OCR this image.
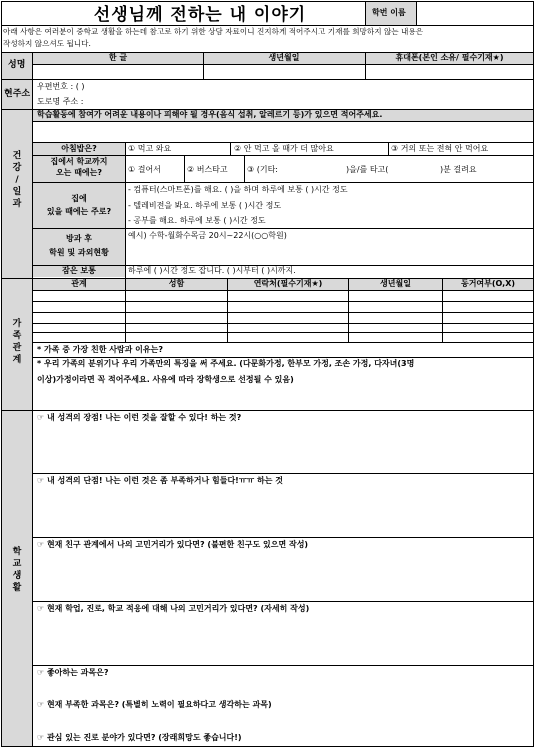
선생님께 전하는 내 이야기	학번 이름
아래 사항은 여러분이 중학교 생활을 하는데 참고로 하기 위한 상담 자료이니 진지하게 적어주시고 기재를 희망하지 않는 내용은
작성하지 않으셔도 됩니다.
성명
한 글	생년월일	휴대폰(본인 소유/ 필수기재★)
현주소
우편번호 : ( )
도로명 주소 :
건
강
/
일
과
학습활동에 참여가 어려운 내용이나 피해야 될 경우(음식 섭취, 알레르기 등)가 있으면 적어주세요.
아침밥은?	① 먹고 와요	② 안 먹고 올 때가 더 많아요	③ 거의 또는 전혀 안 먹어요
집에서 학교까지
오는 때에는?	① 걸어서	② 버스타고 ③ (기타:	)을/를 타고(	)분 걸려요
집에
있을 때에는 주로?
- 컴퓨터(스마트폰)를 해요. ( )을 하며 하루에 보통 ( )시간 정도
- 텔레비전을 봐요. 하루에 보통 ( )시간 정도
- 공부를 해요. 하루에 보통 ( )시간 정도
방과 후
학원 및 과외현황
예시) 수학-월화수목금 20시~22시(○○학원)
잠은 보통	하루에 ( )시간 정도 잡니다. ( )시부터 ( )시까지.
가
족
관
계
관계	성함	연락처(필수기재★)	생년월일	동거여부(O,X)
* 가족 중 가장 친한 사람과 이유는?
* 우리 가족의 분위기나 우리 가족만의 특징을 써 주세요. (다문화가정, 한부모 가정, 조손 가정, 다자녀(3명
이상)가정이라면 꼭 적어주세요. 사유에 따라 장학생으로 선정될 수 있음)
학
교
생
활
☞ 내 성격의 장점! 나는 이런 것을 잘할 수 있다! 하는 것?
☞ 내 성격의 단점! 나는 이런 것은 좀 부족하거나 힘들다!ㅠㅠ 하는 것
☞ 현재 친구 관계에서 나의 고민거리가 있다면? (불편한 친구도 있으면 작성)
☞ 현재 학업, 진로, 학교 적응에 대해 나의 고민거리가 있다면? (자세히 작성)
☞ 좋아하는 과목은?
☞ 현재 부족한 과목은? (특별히 노력이 필요하다고 생각하는 과목)
☞ 관심 있는 진로 분야가 있다면? (장래희망도 좋습니다!)
